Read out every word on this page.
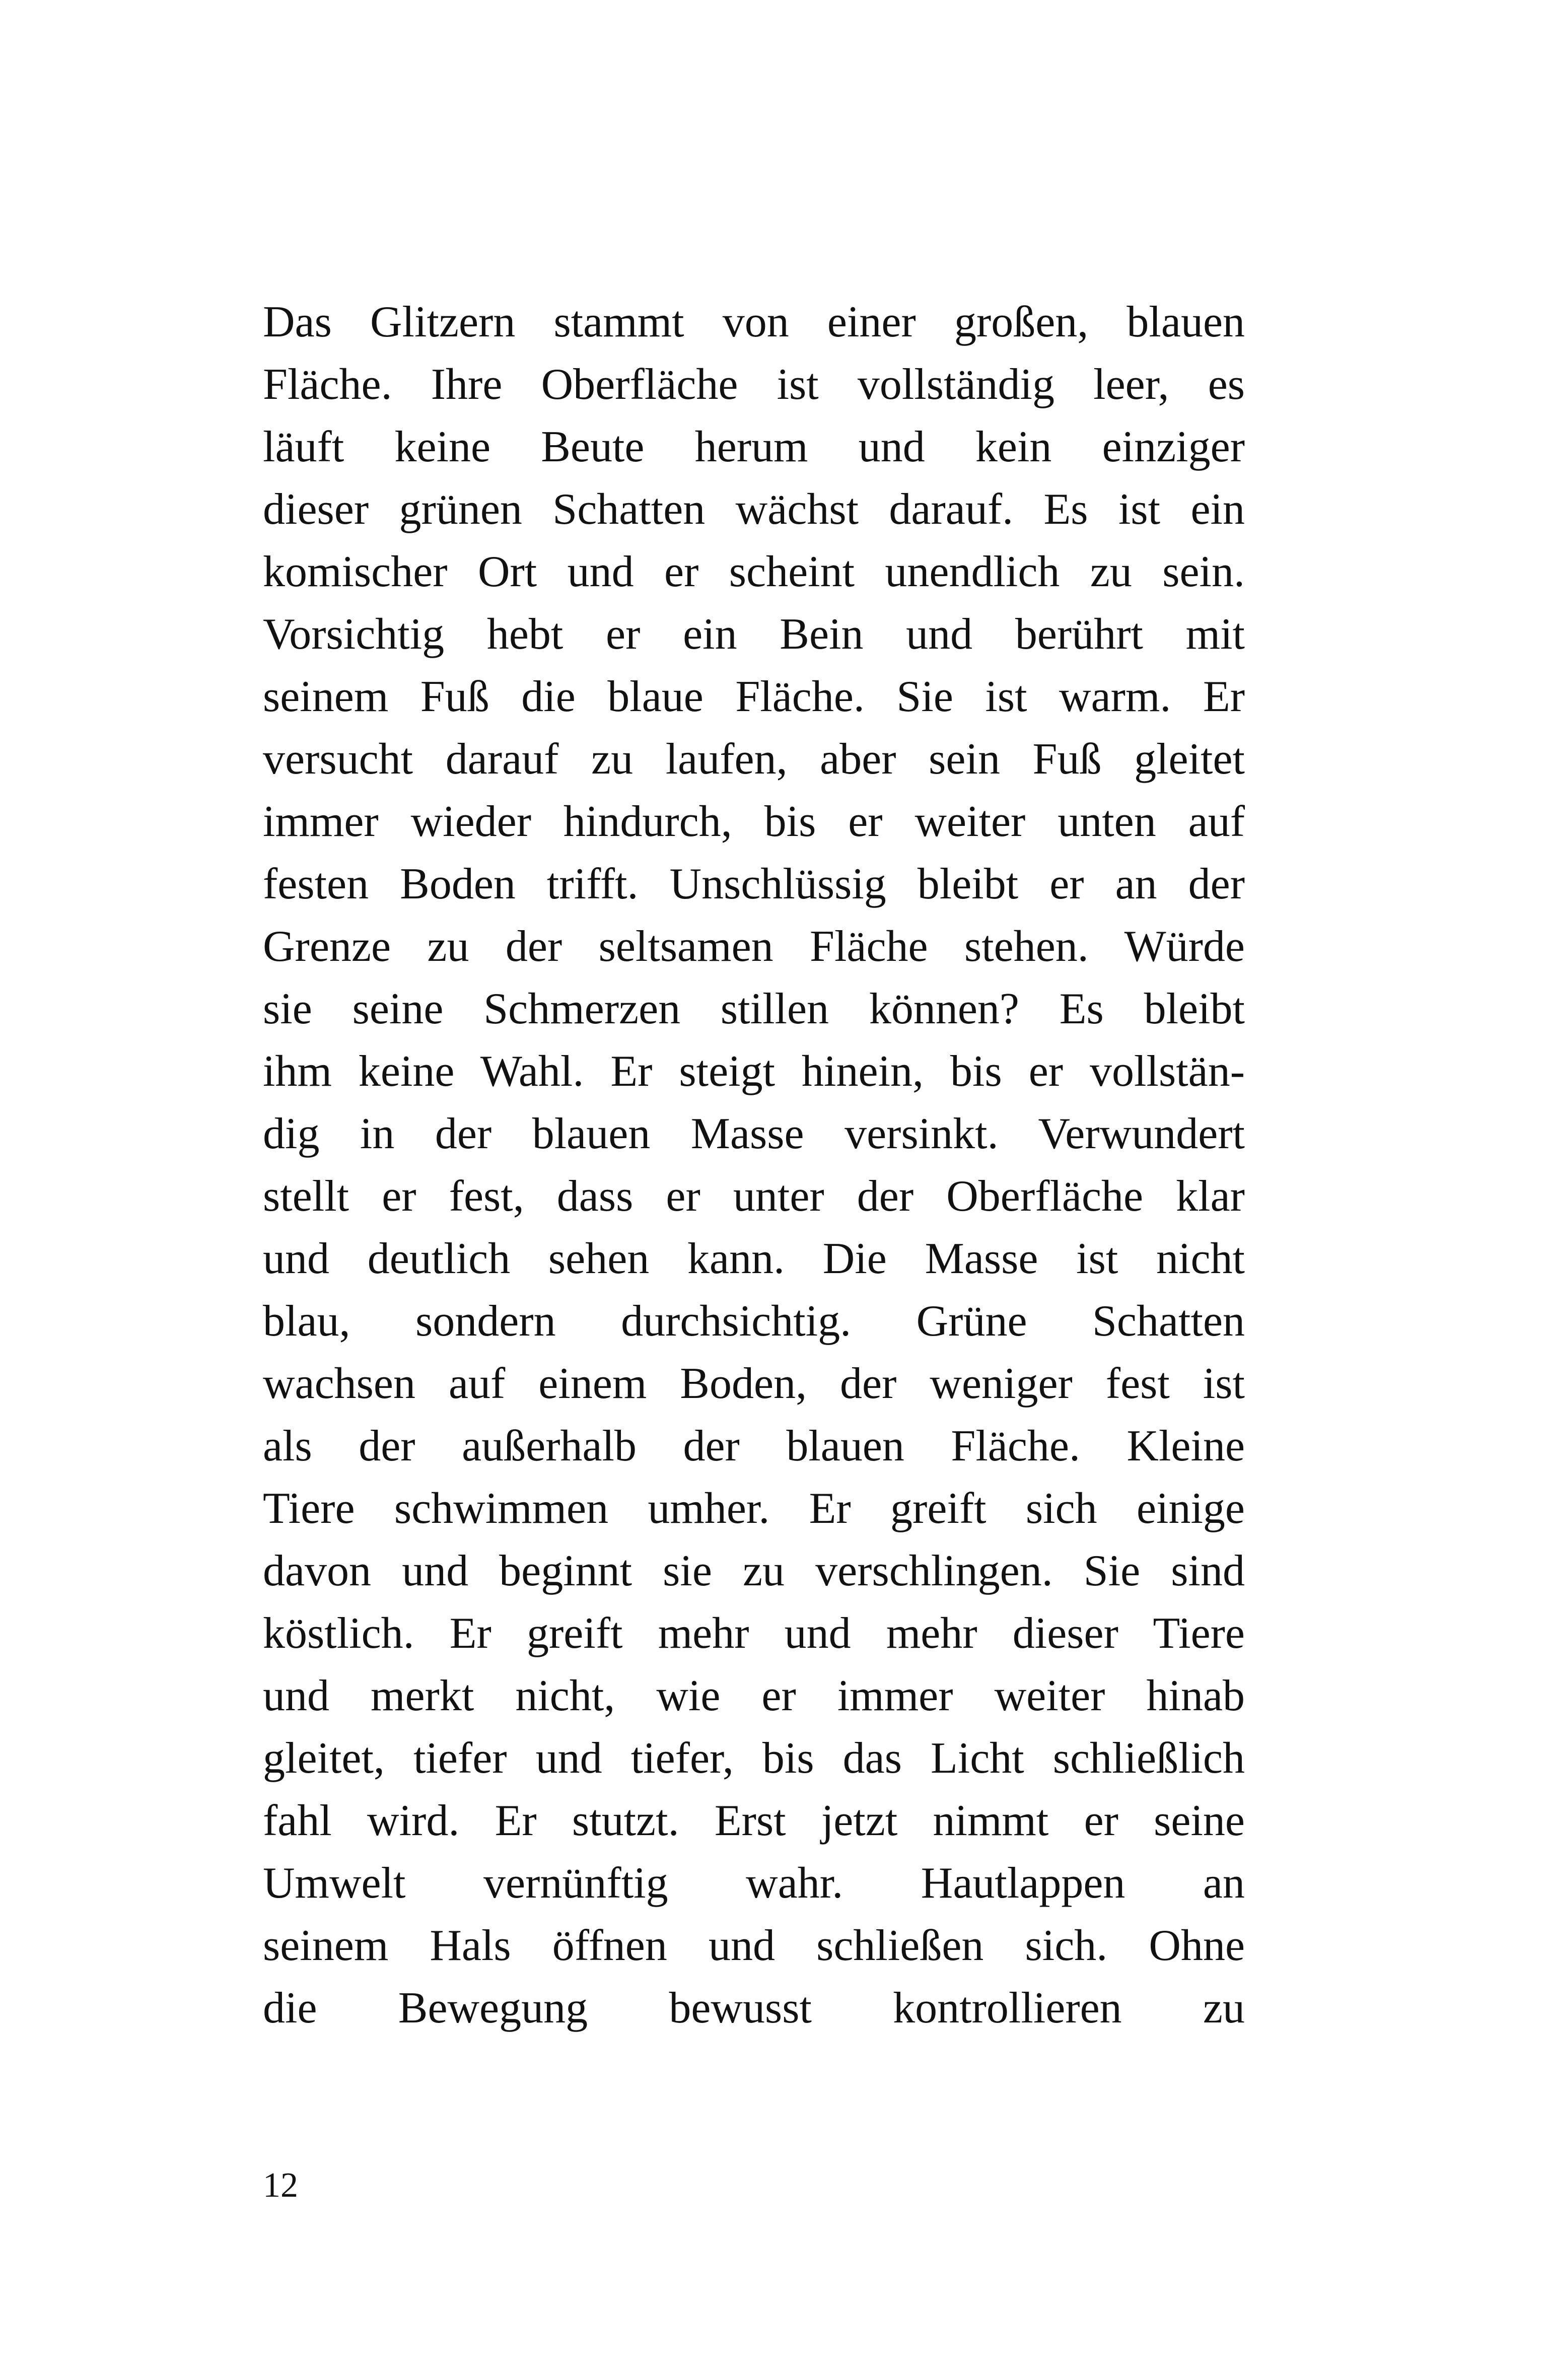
Das Glitzern stammt von einer großen, blauen
Fläche. Ihre Oberfläche ist vollständig leer, es
läuft keine Beute herum und kein einziger
dieser grünen Schatten wächst darauf. Es ist ein
komischer Ort und er scheint unendlich zu sein.
Vorsichtig hebt er ein Bein und berührt mit
seinem Fuß die blaue Fläche. Sie ist warm. Er
versucht darauf zu laufen, aber sein Fuß gleitet
immer wieder hindurch, bis er weiter unten auf
festen Boden trifft. Unschlüssig bleibt er an der
Grenze zu der seltsamen Fläche stehen. Würde
sie seine Schmerzen stillen können? Es bleibt
ihm keine Wahl. Er steigt hinein, bis er vollstän-
dig in der blauen Masse versinkt. Verwundert
stellt er fest, dass er unter der Oberfläche klar
und deutlich sehen kann. Die Masse ist nicht
blau, sondern durchsichtig. Grüne Schatten
wachsen auf einem Boden, der weniger fest ist
als der außerhalb der blauen Fläche. Kleine
Tiere schwimmen umher. Er greift sich einige
davon und beginnt sie zu verschlingen. Sie sind
köstlich. Er greift mehr und mehr dieser Tiere
und merkt nicht, wie er immer weiter hinab
gleitet, tiefer und tiefer, bis das Licht schließlich
fahl wird. Er stutzt. Erst jetzt nimmt er seine
Umwelt vernünftig wahr. Hautlappen an
seinem Hals öffnen und schließen sich. Ohne
die Bewegung bewusst kontrollieren zu
12
